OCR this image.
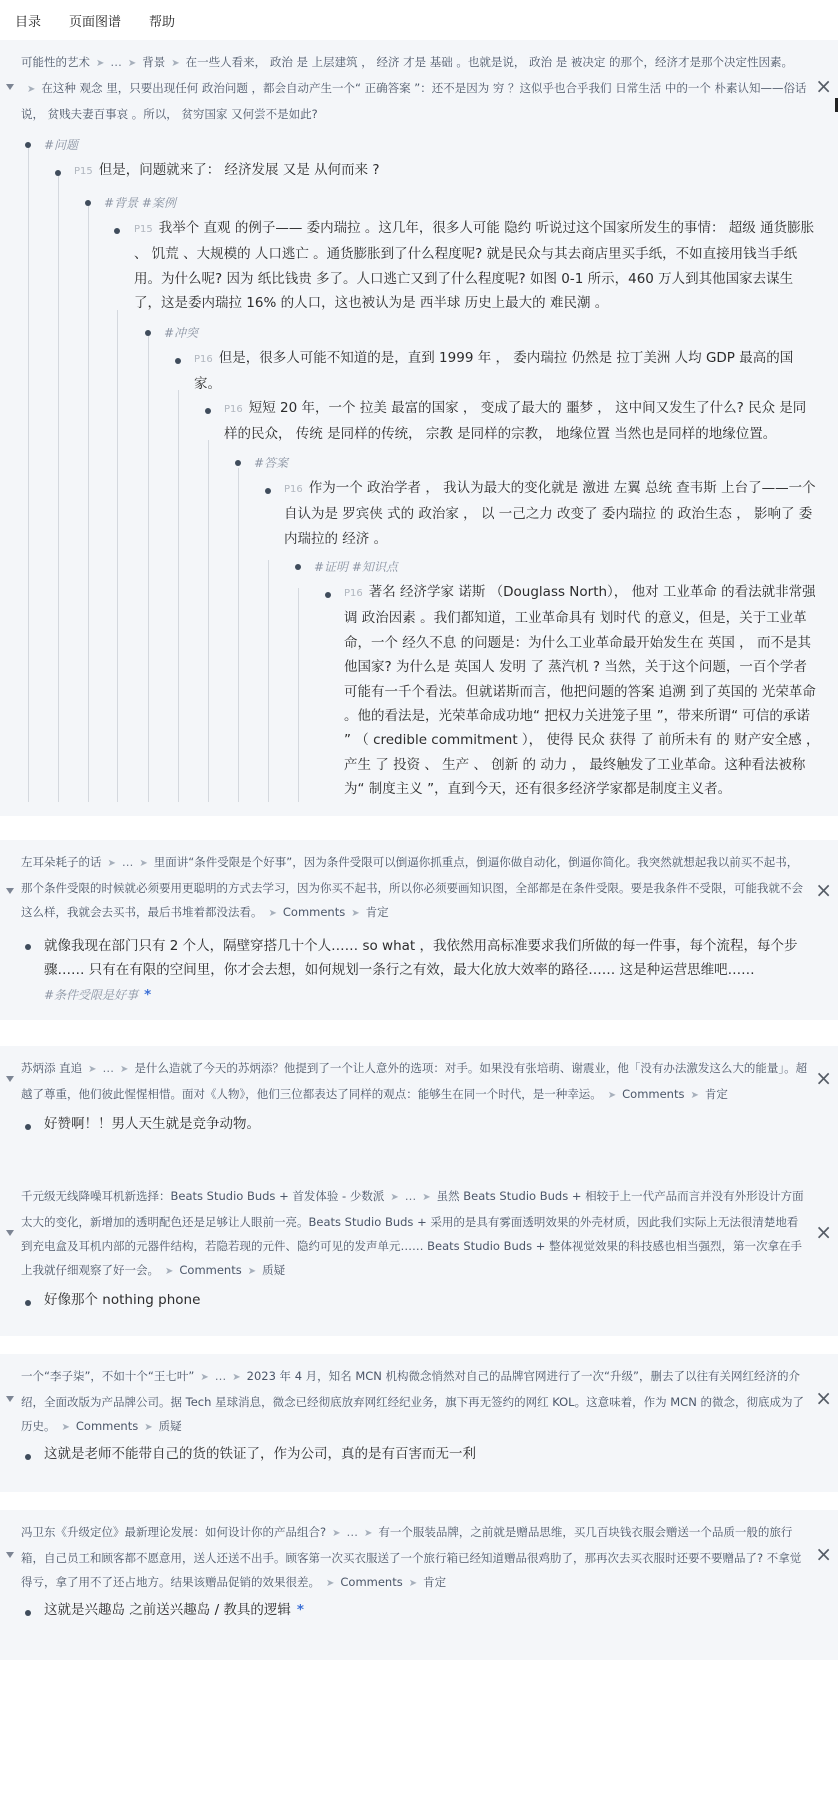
目录 页面图谱 帮助
可能性的艺术 ➤ … ➤ 背景 ➤ 在一些人看来， 政治 是 上层建筑 ， 经济 才是 基础 。也就是说， 政治 是 被决定 的那个，经济才是那个决定性因素。➤ 在这种 观念 里，只要出现任何 政治问题 ，都会自动产生一个“ 正确答案 ”：还不是因为 穷 ？这似乎也合乎我们 日常生活 中的一个 朴素认知——俗话说， 贫贱夫妻百事哀 。所以， 贫穷国家 又何尝不是如此?
×
#问题
P15 但是，问题就来了： 经济发展 又是 从何而来 ?
#背景 #案例
P15 我举个 直观 的例子—— 委内瑞拉 。这几年，很多人可能 隐约 听说过这个国家所发生的事情： 超级 通货膨胀 、 饥荒 、大规模的 人口逃亡 。通货膨胀到了什么程度呢? 就是民众与其去商店里买手纸，不如直接用钱当手纸用。为什么呢? 因为 纸比钱贵 多了。人口逃亡又到了什么程度呢? 如图 0-1 所示，460 万人到其他国家去谋生了，这是委内瑞拉 16% 的人口，这也被认为是 西半球 历史上最大的 难民潮 。
#冲突
P16 但是，很多人可能不知道的是，直到 1999 年 ， 委内瑞拉 仍然是 拉丁美洲 人均 GDP 最高的国家。
P16 短短 20 年，一个 拉美 最富的国家 ， 变成了最大的 噩梦 ， 这中间又发生了什么? 民众 是同样的民众， 传统 是同样的传统， 宗教 是同样的宗教， 地缘位置 当然也是同样的地缘位置。
#答案
P16 作为一个 政治学者 ， 我认为最大的变化就是 激进 左翼 总统 查韦斯 上台了——一个自认为是 罗宾侠 式的 政治家 ， 以 一己之力 改变了 委内瑞拉 的 政治生态 ， 影响了 委内瑞拉的 经济 。
#证明 #知识点
P16 著名 经济学家 诺斯 （Douglass North）， 他对 工业革命 的看法就非常强调 政治因素 。我们都知道，工业革命具有 划时代 的意义，但是，关于工业革命，一个 经久不息 的问题是：为什么工业革命最开始发生在 英国 ， 而不是其他国家? 为什么是 英国人 发明 了 蒸汽机 ? 当然，关于这个问题，一百个学者可能有一千个看法。但就诺斯而言，他把问题的答案 追溯 到了英国的 光荣革命 。他的看法是，光荣革命成功地“ 把权力关进笼子里 ”，带来所谓“ 可信的承诺 ” （ credible commitment ）， 使得 民众 获得 了 前所未有 的 财产安全感 ， 产生 了 投资 、 生产 、 创新 的 动力 ， 最终触发了工业革命。这种看法被称为“ 制度主义 ”，直到今天，还有很多经济学家都是制度主义者。
左耳朵耗子的话 ➤ … ➤ 里面讲“条件受限是个好事”，因为条件受限可以倒逼你抓重点，倒逼你做自动化，倒逼你简化。我突然就想起我以前买不起书，那个条件受限的时候就必须要用更聪明的方式去学习，因为你买不起书，所以你必须要画知识图，全部都是在条件受限。要是我条件不受限，可能我就不会这么样，我就会去买书，最后书堆着都没法看。 ➤ Comments ➤ 肯定
×
就像我现在部门只有 2 个人，隔壁穿搭几十个人…… so what ，我依然用高标准要求我们所做的每一件事，每个流程，每个步骤…… 只有在有限的空间里，你才会去想，如何规划一条行之有效，最大化放大效率的路径…… 这是种运营思维吧……
#条件受限是好事 *
苏炳添 直追 ➤ … ➤ 是什么造就了今天的苏炳添？他提到了一个让人意外的选项：对手。如果没有张培萌、谢震业，他「没有办法激发这么大的能量」。超越了尊重，他们彼此惺惺相惜。面对《人物》，他们三位都表达了同样的观点：能够生在同一个时代，是一种幸运。 ➤ Comments ➤ 肯定
×
好赞啊！！男人天生就是竞争动物。
千元级无线降噪耳机新选择：Beats Studio Buds + 首发体验 - 少数派 ➤ … ➤ 虽然 Beats Studio Buds + 相较于上一代产品而言并没有外形设计方面太大的变化，新增加的透明配色还是足够让人眼前一亮。Beats Studio Buds + 采用的是具有雾面透明效果的外壳材质，因此我们实际上无法很清楚地看到充电盒及耳机内部的元器件结构，若隐若现的元件、隐约可见的发声单元…… Beats Studio Buds + 整体视觉效果的科技感也相当强烈，第一次拿在手上我就仔细观察了好一会。 ➤ Comments ➤ 质疑
×
好像那个 nothing phone
一个“李子柒”，不如十个“王七叶” ➤ … ➤ 2023 年 4 月，知名 MCN 机构微念悄然对自己的品牌官网进行了一次“升级”，删去了以往有关网红经济的介绍，全面改版为产品牌公司。据 Tech 星球消息，微念已经彻底放弃网红经纪业务，旗下再无签约的网红 KOL。这意味着，作为 MCN 的微念，彻底成为了历史。 ➤ Comments ➤ 质疑
×
这就是老师不能带自己的货的铁证了，作为公司，真的是有百害而无一利
冯卫东《升级定位》最新理论发展：如何设计你的产品组合? ➤ … ➤ 有一个服装品牌，之前就是赠品思维，买几百块钱衣服会赠送一个品质一般的旅行箱，自己员工和顾客都不愿意用，送人还送不出手。顾客第一次买衣服送了一个旅行箱已经知道赠品很鸡肋了，那再次去买衣服时还要不要赠品了? 不拿觉得亏，拿了用不了还占地方。结果该赠品促销的效果很差。 ➤ Comments ➤ 肯定
×
这就是兴趣岛 之前送兴趣岛 / 教具的逻辑 *
